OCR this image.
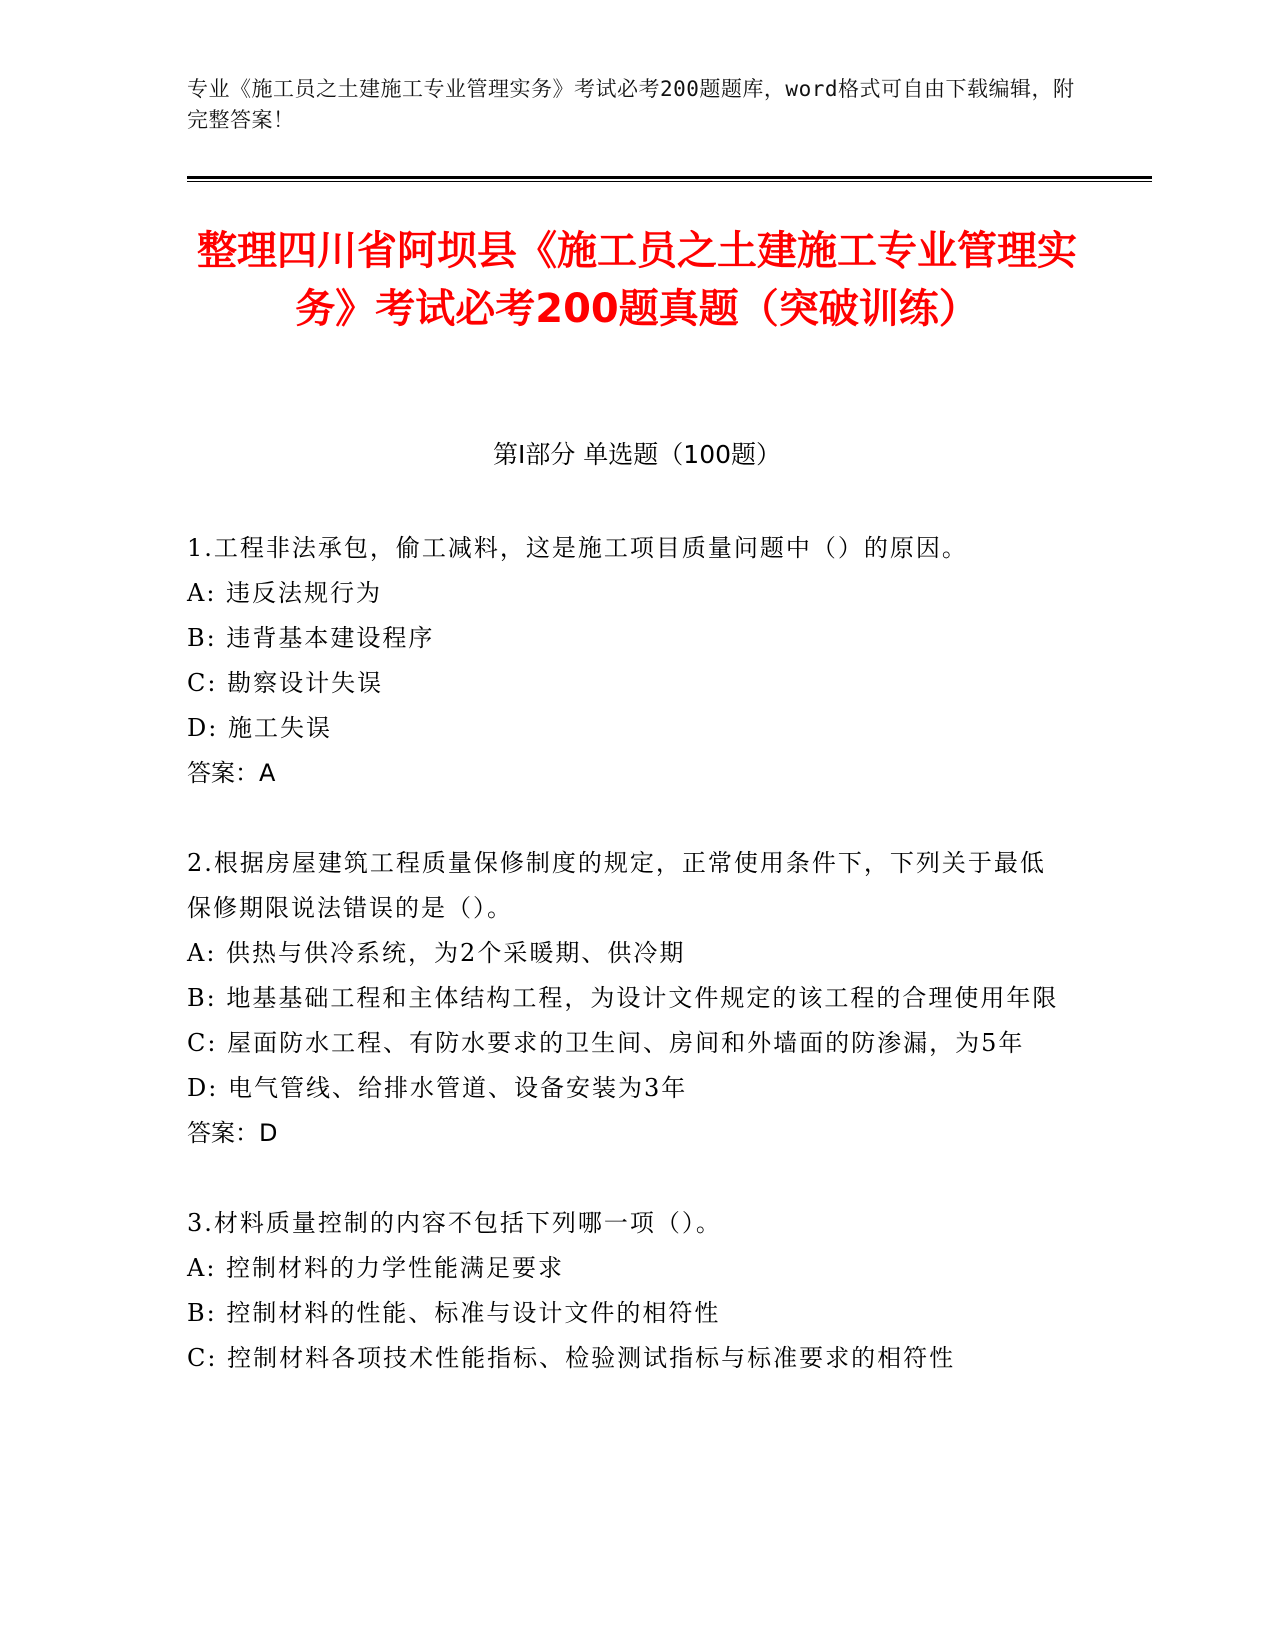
专业《施工员之土建施工专业管理实务》考试必考200题题库，word格式可自由下载编辑，附完整答案！
整理四川省阿坝县《施工员之土建施工专业管理实务》考试必考200题真题（突破训练）
第I部分 单选题（100题）

1.工程非法承包，偷工减料，这是施工项目质量问题中（）的原因。

A: 违反法规行为

B: 违背基本建设程序

C: 勘察设计失误

D: 施工失误

答案：A

2.根据房屋建筑工程质量保修制度的规定，正常使用条件下，下列关于最低保修期限说法错误的是（）。

A: 供热与供冷系统，为2个采暖期、供冷期

B: 地基基础工程和主体结构工程，为设计文件规定的该工程的合理使用年限

C: 屋面防水工程、有防水要求的卫生间、房间和外墙面的防渗漏，为5年

D: 电气管线、给排水管道、设备安装为3年

答案：D

3.材料质量控制的内容不包括下列哪一项（）。

A: 控制材料的力学性能满足要求

B: 控制材料的性能、标准与设计文件的相符性

C: 控制材料各项技术性能指标、检验测试指标与标准要求的相符性
